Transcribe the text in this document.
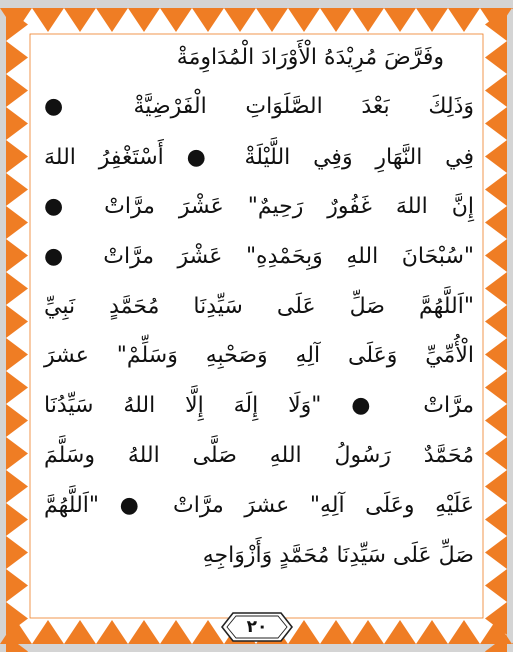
وفَرَّضَ مُرِيْدَهُ الْأَوْرَادَ الْمُدَاوِمَةْ
وَذَلِكَ بَعْدَ الصَّلَوَاتِ الْفَرْضِيَّةْ ●
فِي النَّهَارِ وَفِي اللَّيْلَةْ ● أَسْتَغْفِرُ اللهَ
إِنَّ اللهَ غَفُورٌ رَحِيمٌ" عَشْرَ مرَّاتْ ●
"سُبْحَانَ اللهِ وَبِحَمْدِهِ" عَشْرَ مرَّاتْ ●
"اَللَّهُمَّ صَلِّ عَلَى سَيِّدِنَا مُحَمَّدٍ نَبِيِّ
الْأُمِّيِّ وَعَلَى آلِهِ وَصَحْبِهِ وَسَلِّمْ" عشرَ
مرَّاتْ ● "وَلَا إِلَهَ إِلَّا اللهُ سَيِّدُنَا
مُحَمَّدٌ رَسُولُ اللهِ صَلَّى اللهُ وسَلَّمَ
عَلَيْهِ وعَلَى آلِهِ" عشرَ مرَّاتْ ● "اَللَّهُمَّ
صَلِّ عَلَى سَيِّدِنَا مُحَمَّدٍ وَأَزْوَاجِهِ
٢٠
